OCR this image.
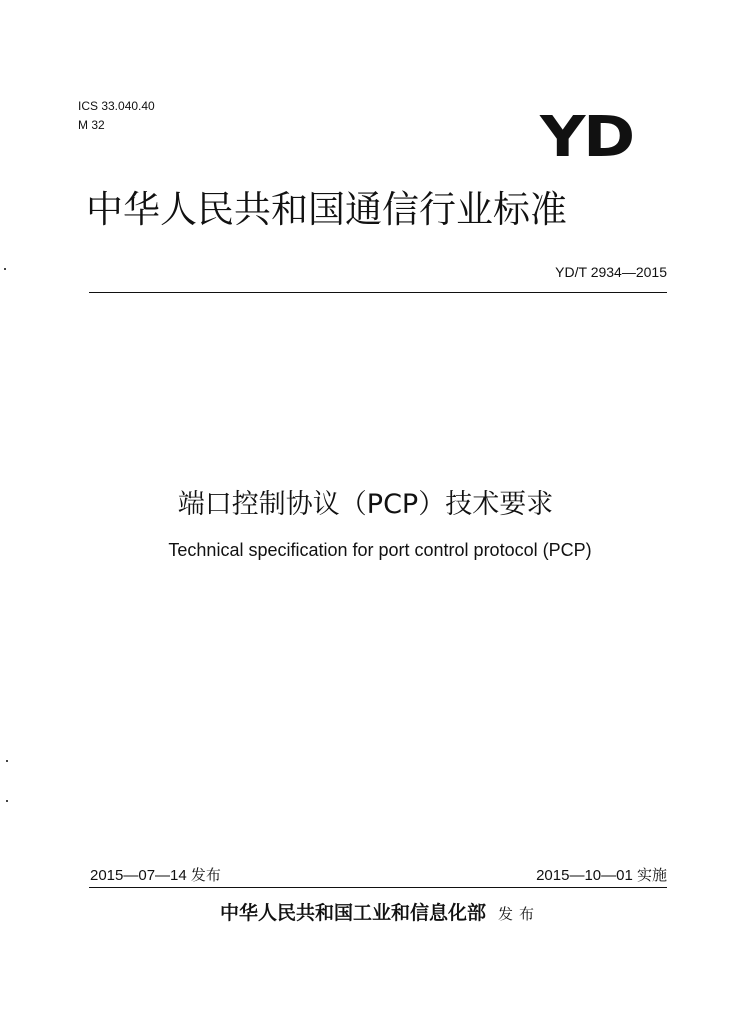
ICS 33.040.40
M 32	YD
中华人民共和国通信行业标准
YD/T 2934—2015
端口控制协议（PCP）技术要求
Technical specification for port control protocol (PCP)
2015—07—14 发布	2015—10—01 实施
中华人民共和国工业和信息化部 发布
